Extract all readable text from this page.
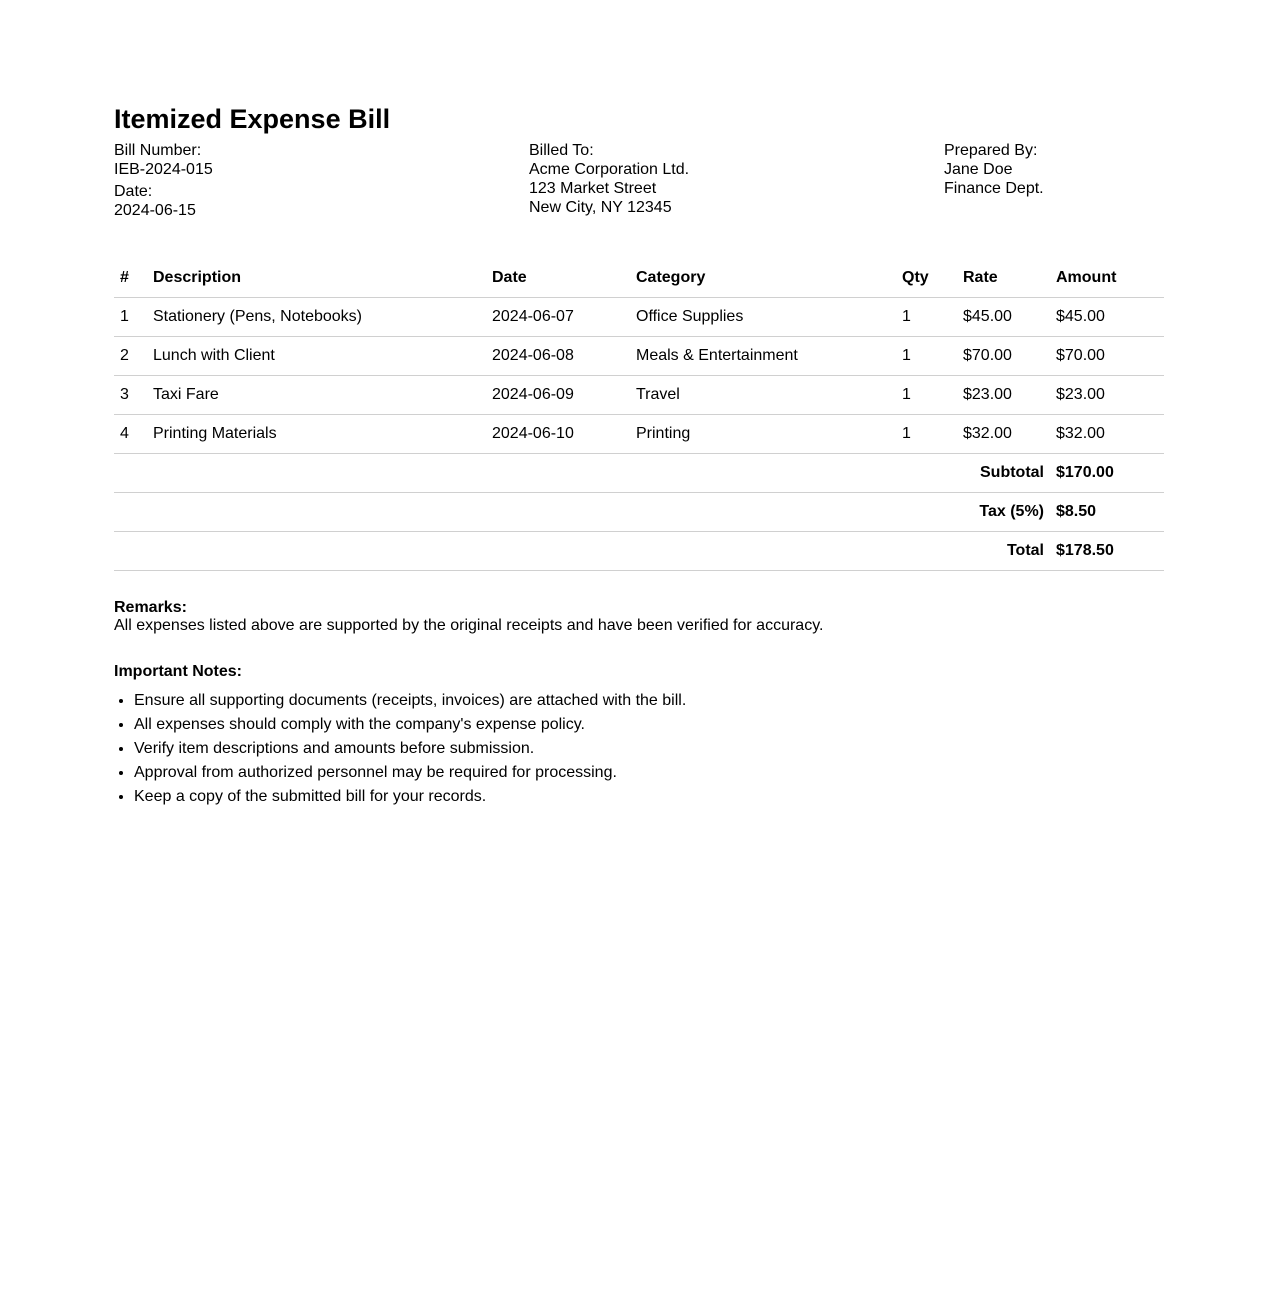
Itemized Expense Bill
Bill Number:
IEB-2024-015
Date:
2024-06-15
Billed To:
Acme Corporation Ltd.
123 Market Street
New City, NY 12345
Prepared By:
Jane Doe
Finance Dept.
#	Description	Date	Category	Qty	Rate	Amount
1	Stationery (Pens, Notebooks)	2024-06-07	Office Supplies	1	$45.00	$45.00
2	Lunch with Client	2024-06-08	Meals & Entertainment	1	$70.00	$70.00
3	Taxi Fare	2024-06-09	Travel	1	$23.00	$23.00
4	Printing Materials	2024-06-10	Printing	1	$32.00	$32.00
Subtotal						$170.00
Tax (5%)						$8.50
Total						$178.50
Remarks:
All expenses listed above are supported by the original receipts and have been verified for accuracy.
Important Notes:
• Ensure all supporting documents (receipts, invoices) are attached with the bill.
• All expenses should comply with the company's expense policy.
• Verify item descriptions and amounts before submission.
• Approval from authorized personnel may be required for processing.
• Keep a copy of the submitted bill for your records.
